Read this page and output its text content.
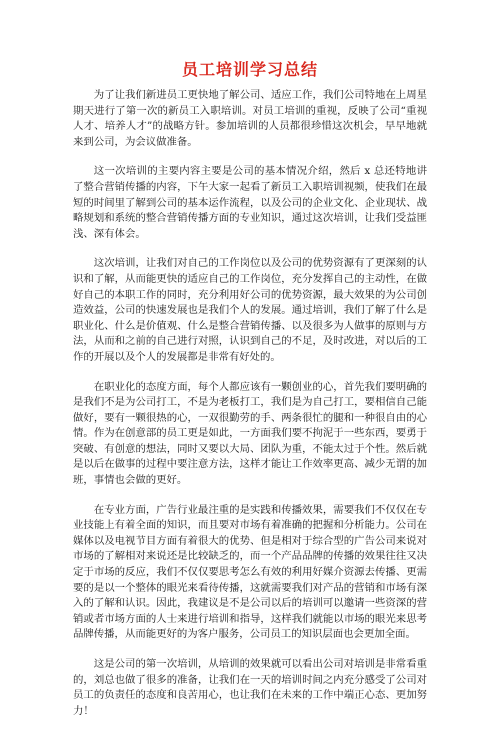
员工培训学习总结

为了让我们新进员工更快地了解公司、适应工作，我们公司特地在上周星期天进行了第一次的新员工入职培训。对员工培训的重视，反映了公司“重视人才、培养人才”的战略方针。参加培训的人员都很珍惜这次机会，早早地就来到公司，为会议做准备。

这一次培训的主要内容主要是公司的基本情况介绍，然后 x 总还特地讲了整合营销传播的内容，下午大家一起看了新员工入职培训视频，使我们在最短的时间里了解到公司的基本运作流程，以及公司的企业文化、企业现状、战略规划和系统的整合营销传播方面的专业知识，通过这次培训，让我们受益匪浅、深有体会。

这次培训，让我们对自己的工作岗位以及公司的优势资源有了更深刻的认识和了解，从而能更快的适应自己的工作岗位，充分发挥自己的主动性，在做好自己的本职工作的同时，充分利用好公司的优势资源，最大效果的为公司创造效益，公司的快速发展也是我们个人的发展。通过培训，我们了解了什么是职业化、什么是价值观、什么是整合营销传播、以及很多为人做事的原则与方法，从而和之前的自己进行对照，认识到自己的不足，及时改进，对以后的工作的开展以及个人的发展都是非常有好处的。

在职业化的态度方面，每个人都应该有一颗创业的心，首先我们要明确的是我们不是为公司打工，不是为老板打工，我们是为自己打工，要相信自己能做好，要有一颗很热的心，一双很勤劳的手、两条很忙的腿和一种很自由的心情。作为在创意部的员工更是如此，一方面我们要不拘泥于一些东西，要勇于突破、有创意的想法，同时又要以大局、团队为重，不能太过于个性。然后就是以后在做事的过程中要注意方法，这样才能让工作效率更高、减少无谓的加班，事情也会做的更好。

在专业方面，广告行业最注重的是实践和传播效果，需要我们不仅仅在专业技能上有着全面的知识，而且要对市场有着准确的把握和分析能力。公司在媒体以及电视节目方面有着很大的优势、但是相对于综合型的广告公司来说对市场的了解相对来说还是比较缺乏的，而一个产品品牌的传播的效果往往又决定于市场的反应，我们不仅仅要思考怎么有效的利用好媒介资源去传播、更需要的是以一个整体的眼光来看待传播，这就需要我们对产品的营销和市场有深入的了解和认识。因此，我建议是不是公司以后的培训可以邀请一些资深的营销或者市场方面的人士来进行培训和指导，这样我们就能以市场的眼光来思考品牌传播，从而能更好的为客户服务，公司员工的知识层面也会更加全面。

这是公司的第一次培训，从培训的效果就可以看出公司对培训是非常看重的，刘总也做了很多的准备，让我们在一天的培训时间之内充分感受了公司对员工的负责任的态度和良苦用心，也让我们在未来的工作中端正心态、更加努力！
